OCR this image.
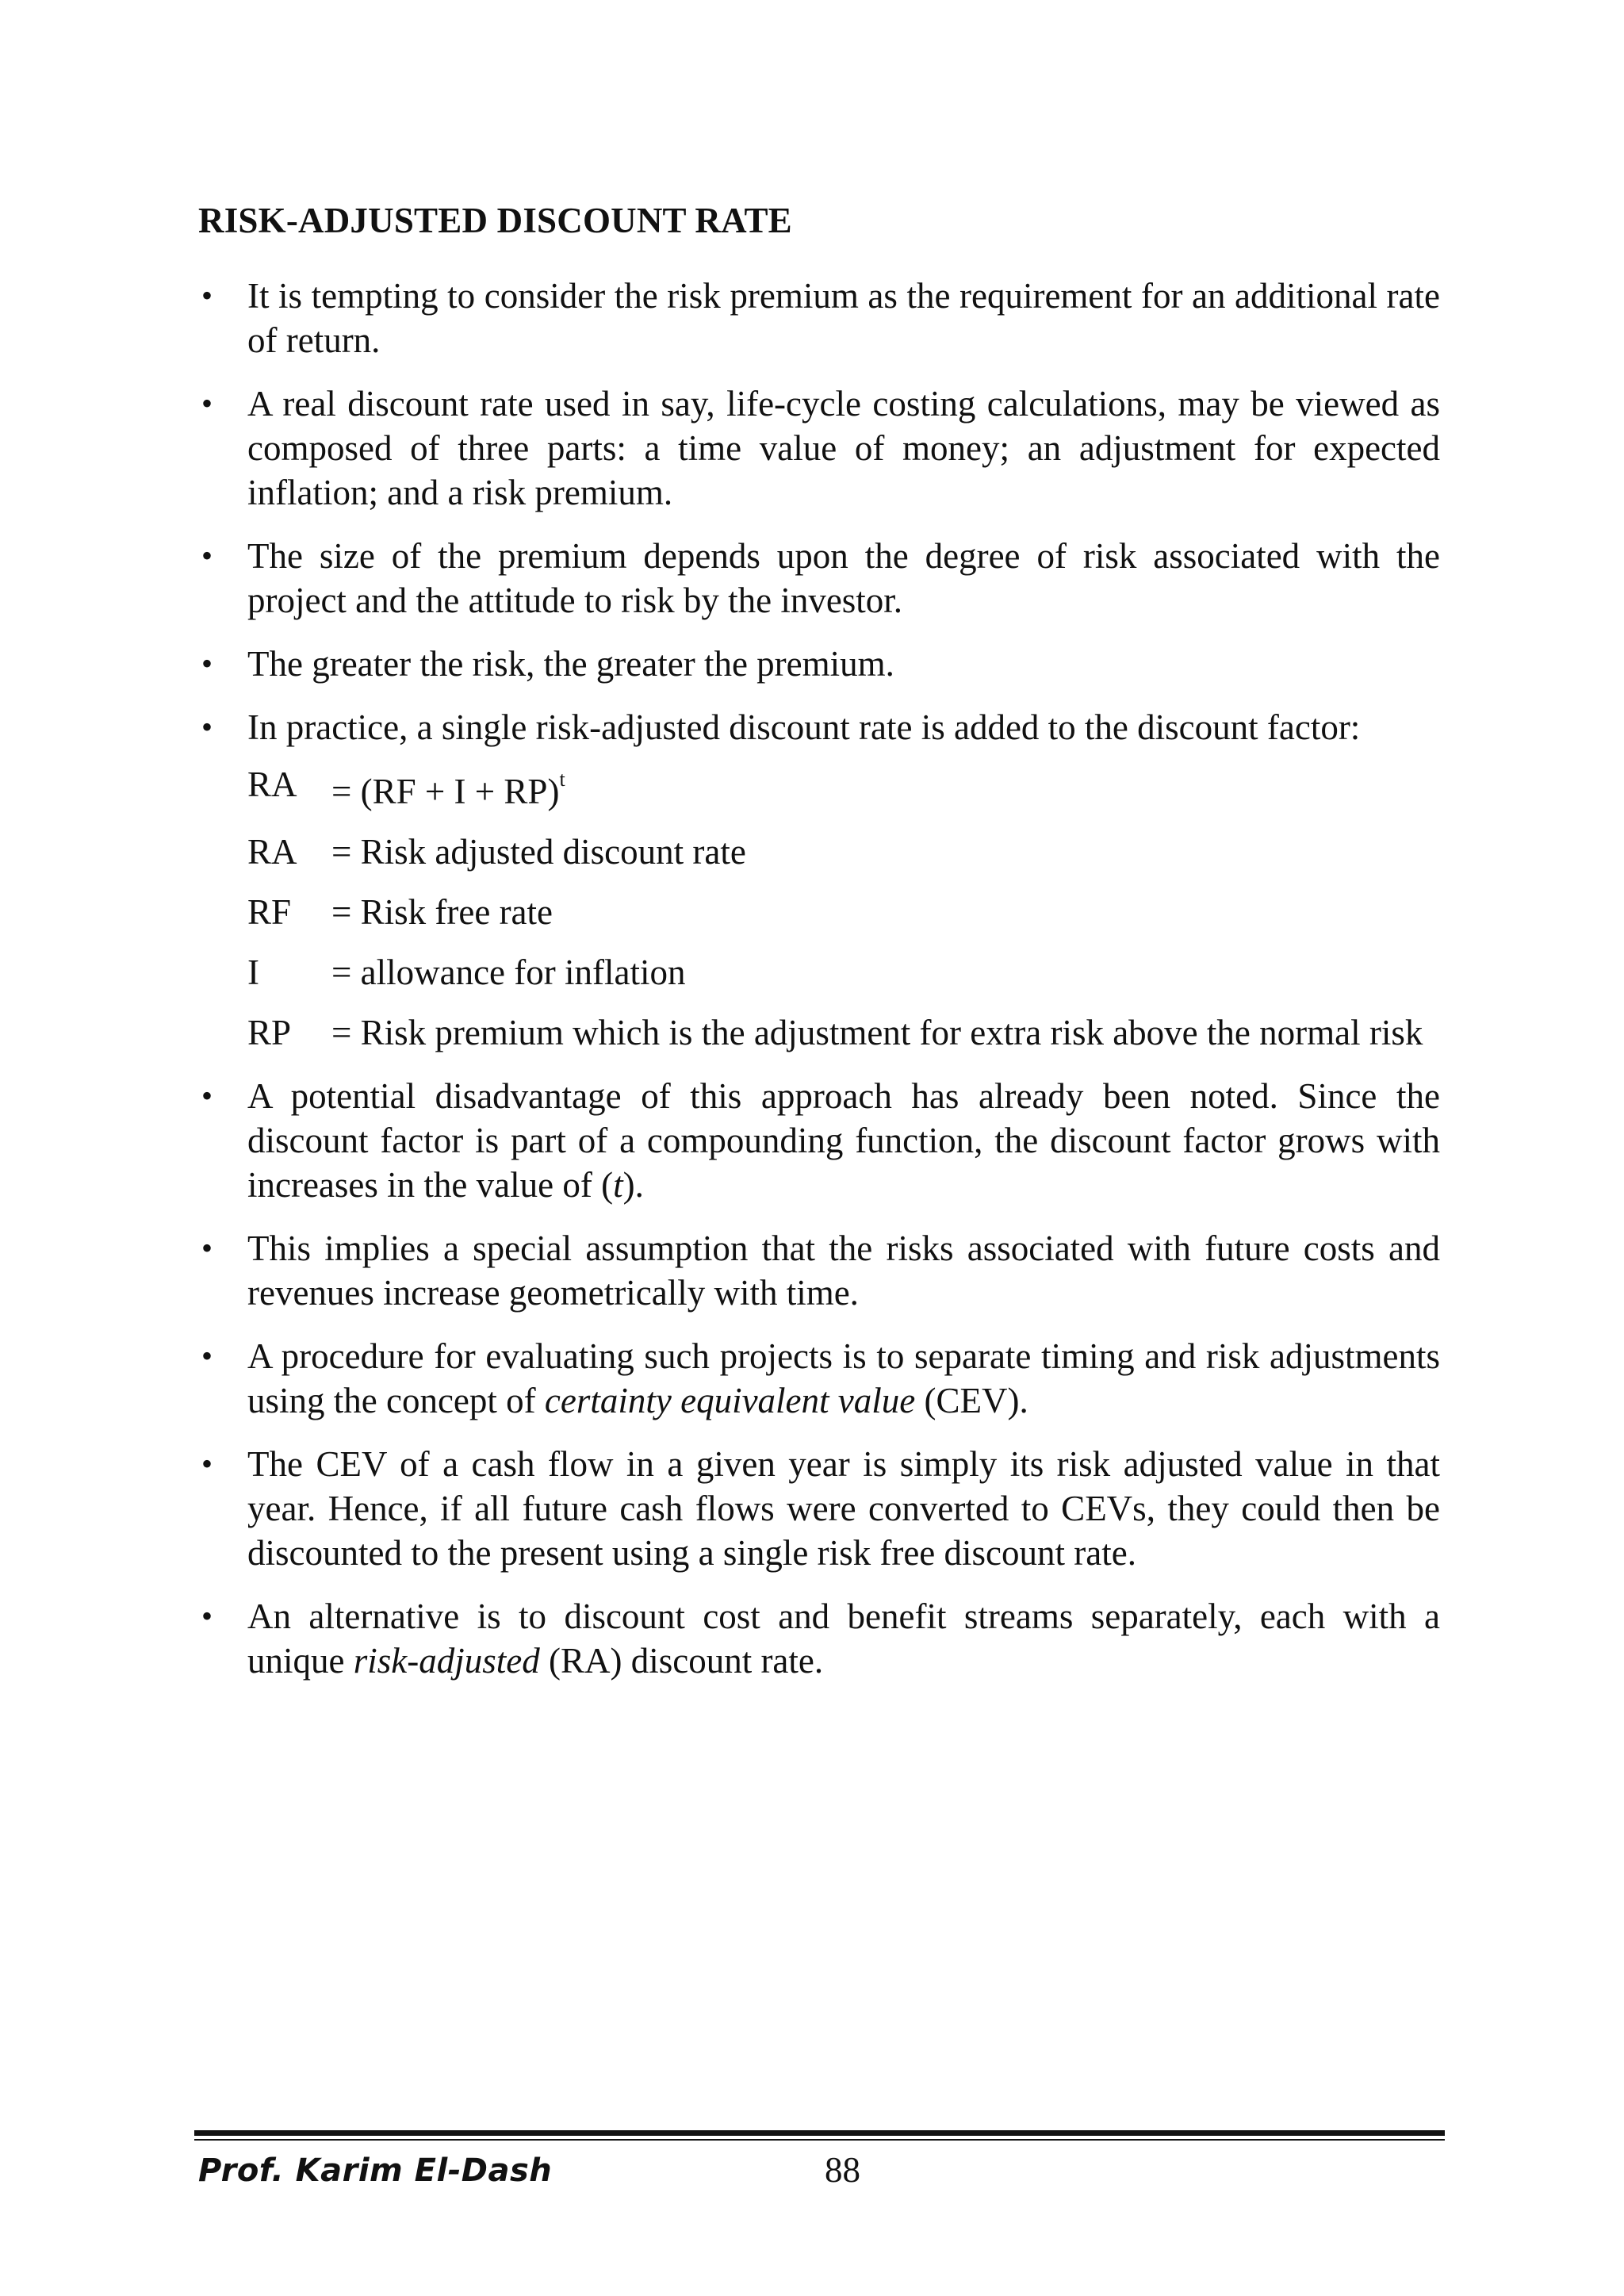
RISK-ADJUSTED DISCOUNT RATE
• It is tempting to consider the risk premium as the requirement for an additional rate of return.
• A real discount rate used in say, life-cycle costing calculations, may be viewed as composed of three parts: a time value of money; an adjustment for expected inflation; and a risk premium.
• The size of the premium depends upon the degree of risk associated with the project and the attitude to risk by the investor.
• The greater the risk, the greater the premium.
• In practice, a single risk-adjusted discount rate is added to the discount factor:
RA = (RF + I + RP)$^t$
RA = Risk adjusted discount rate
RF	= Risk free rate
I	= allowance for inflation
RP	= Risk premium which is the adjustment for extra risk above the normal risk
• A potential disadvantage of this approach has already been noted. Since the discount factor is part of a compounding function, the discount factor grows with increases in the value of (t).
• This implies a special assumption that the risks associated with future costs and revenues increase geometrically with time.
• A procedure for evaluating such projects is to separate timing and risk adjustments using the concept of certainty equivalent value (CEV).
• The CEV of a cash flow in a given year is simply its risk adjusted value in that year. Hence, if all future cash flows were converted to CEVs, they could then be discounted to the present using a single risk free discount rate.
• An alternative is to discount cost and benefit streams separately, each with a unique risk-adjusted (RA) discount rate.
Prof. Karim El-Dash	88
